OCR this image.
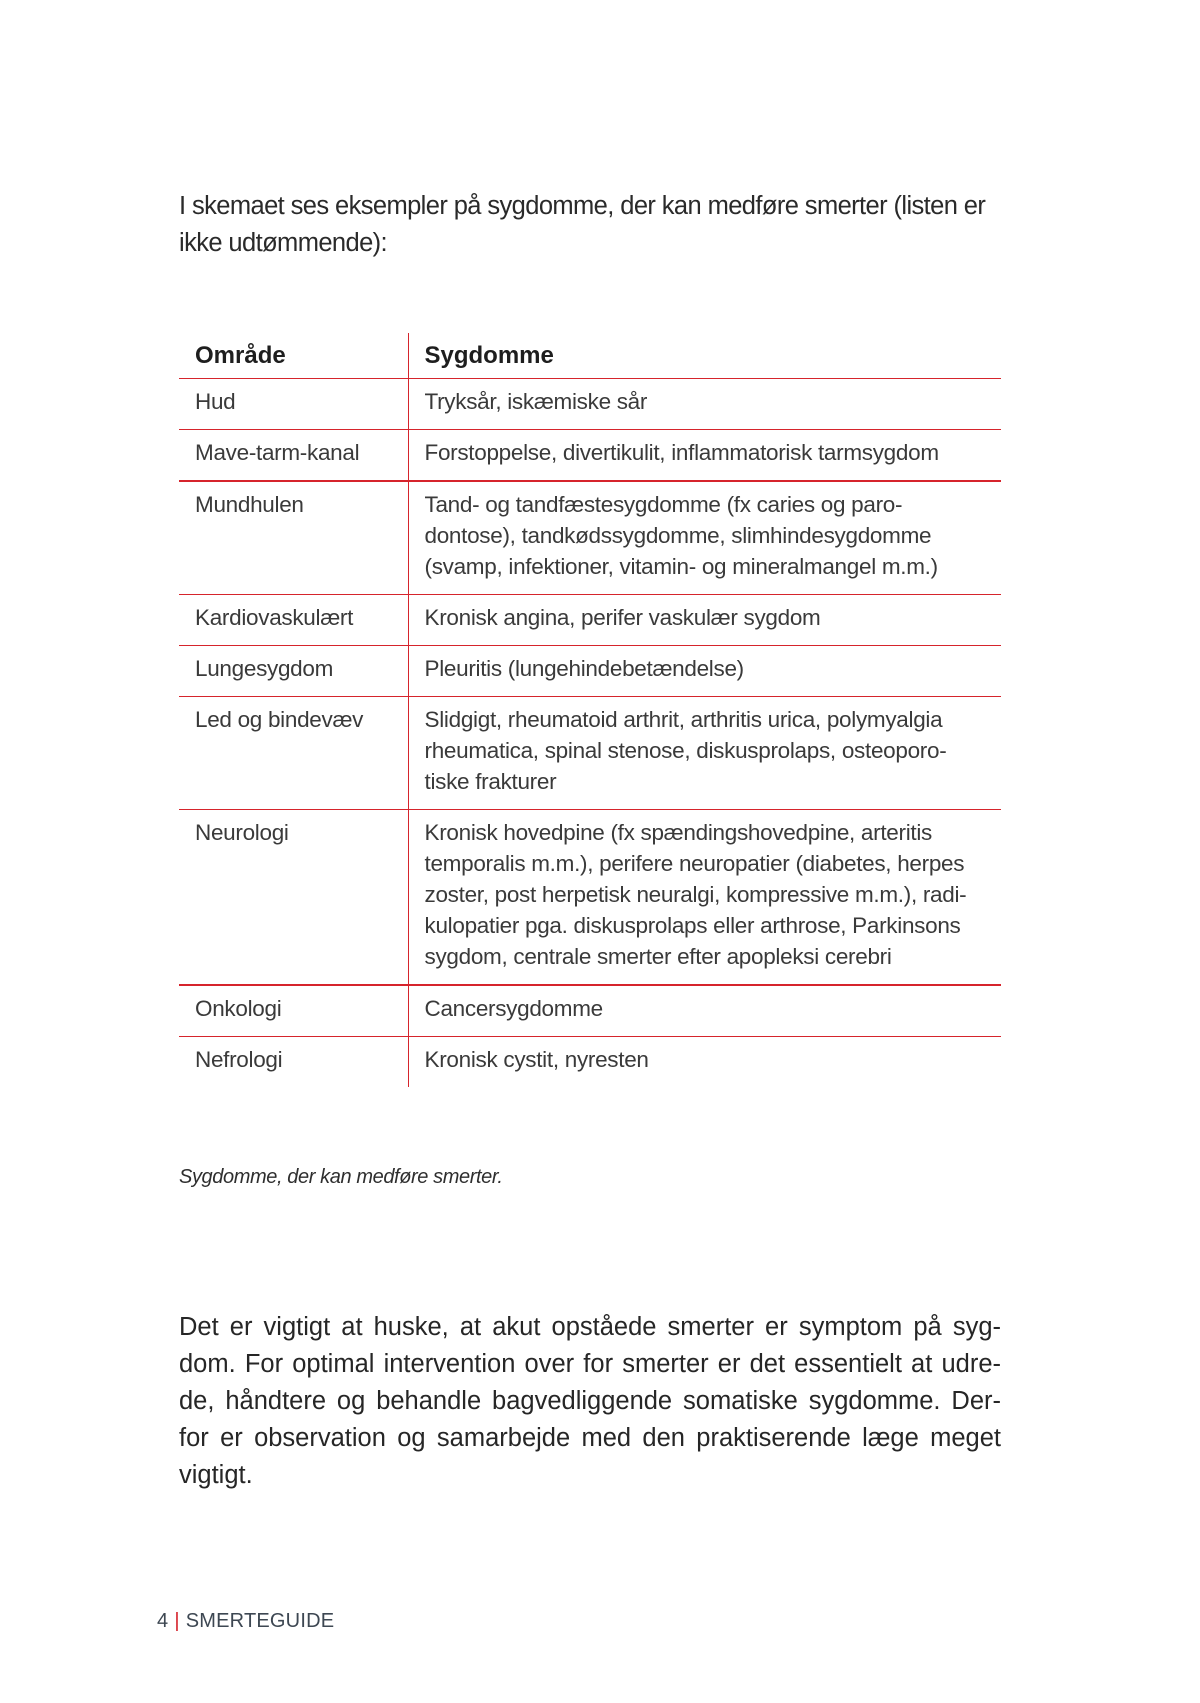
I skemaet ses eksempler på sygdomme, der kan medføre smerter (listen er ikke udtømmende):

Område	Sygdomme
Hud	Tryksår, iskæmiske sår
Mave-tarm-kanal	Forstoppelse, divertikulit, inflammatorisk tarmsygdom
Mundhulen	Tand- og tandfæstesygdomme (fx caries og paro-dontose), tandkødssygdomme, slimhindesygdomme (svamp, infektioner, vitamin- og mineralmangel m.m.)
Kardiovaskulært	Kronisk angina, perifer vaskulær sygdom
Lungesygdom	Pleuritis (lungehindebetændelse)
Led og bindevæv	Slidgigt, rheumatoid arthrit, arthritis urica, polymyalgia rheumatica, spinal stenose, diskusprolaps, osteoporo-tiske frakturer
Neurologi	Kronisk hovedpine (fx spændingshovedpine, arteritis temporalis m.m.), perifere neuropatier (diabetes, herpes zoster, post herpetisk neuralgi, kompressive m.m.), radi-kulopatier pga. diskusprolaps eller arthrose, Parkinsons sygdom, centrale smerter efter apopleksi cerebri
Onkologi	Cancersygdomme
Nefrologi	Kronisk cystit, nyresten

Sygdomme, der kan medføre smerter.

Det er vigtigt at huske, at akut opståede smerter er symptom på syg-dom. For optimal intervention over for smerter er det essentielt at udre-de, håndtere og behandle bagvedliggende somatiske sygdomme. Der-for er observation og samarbejde med den praktiserende læge meget vigtigt.

4 | SMERTEGUIDE
